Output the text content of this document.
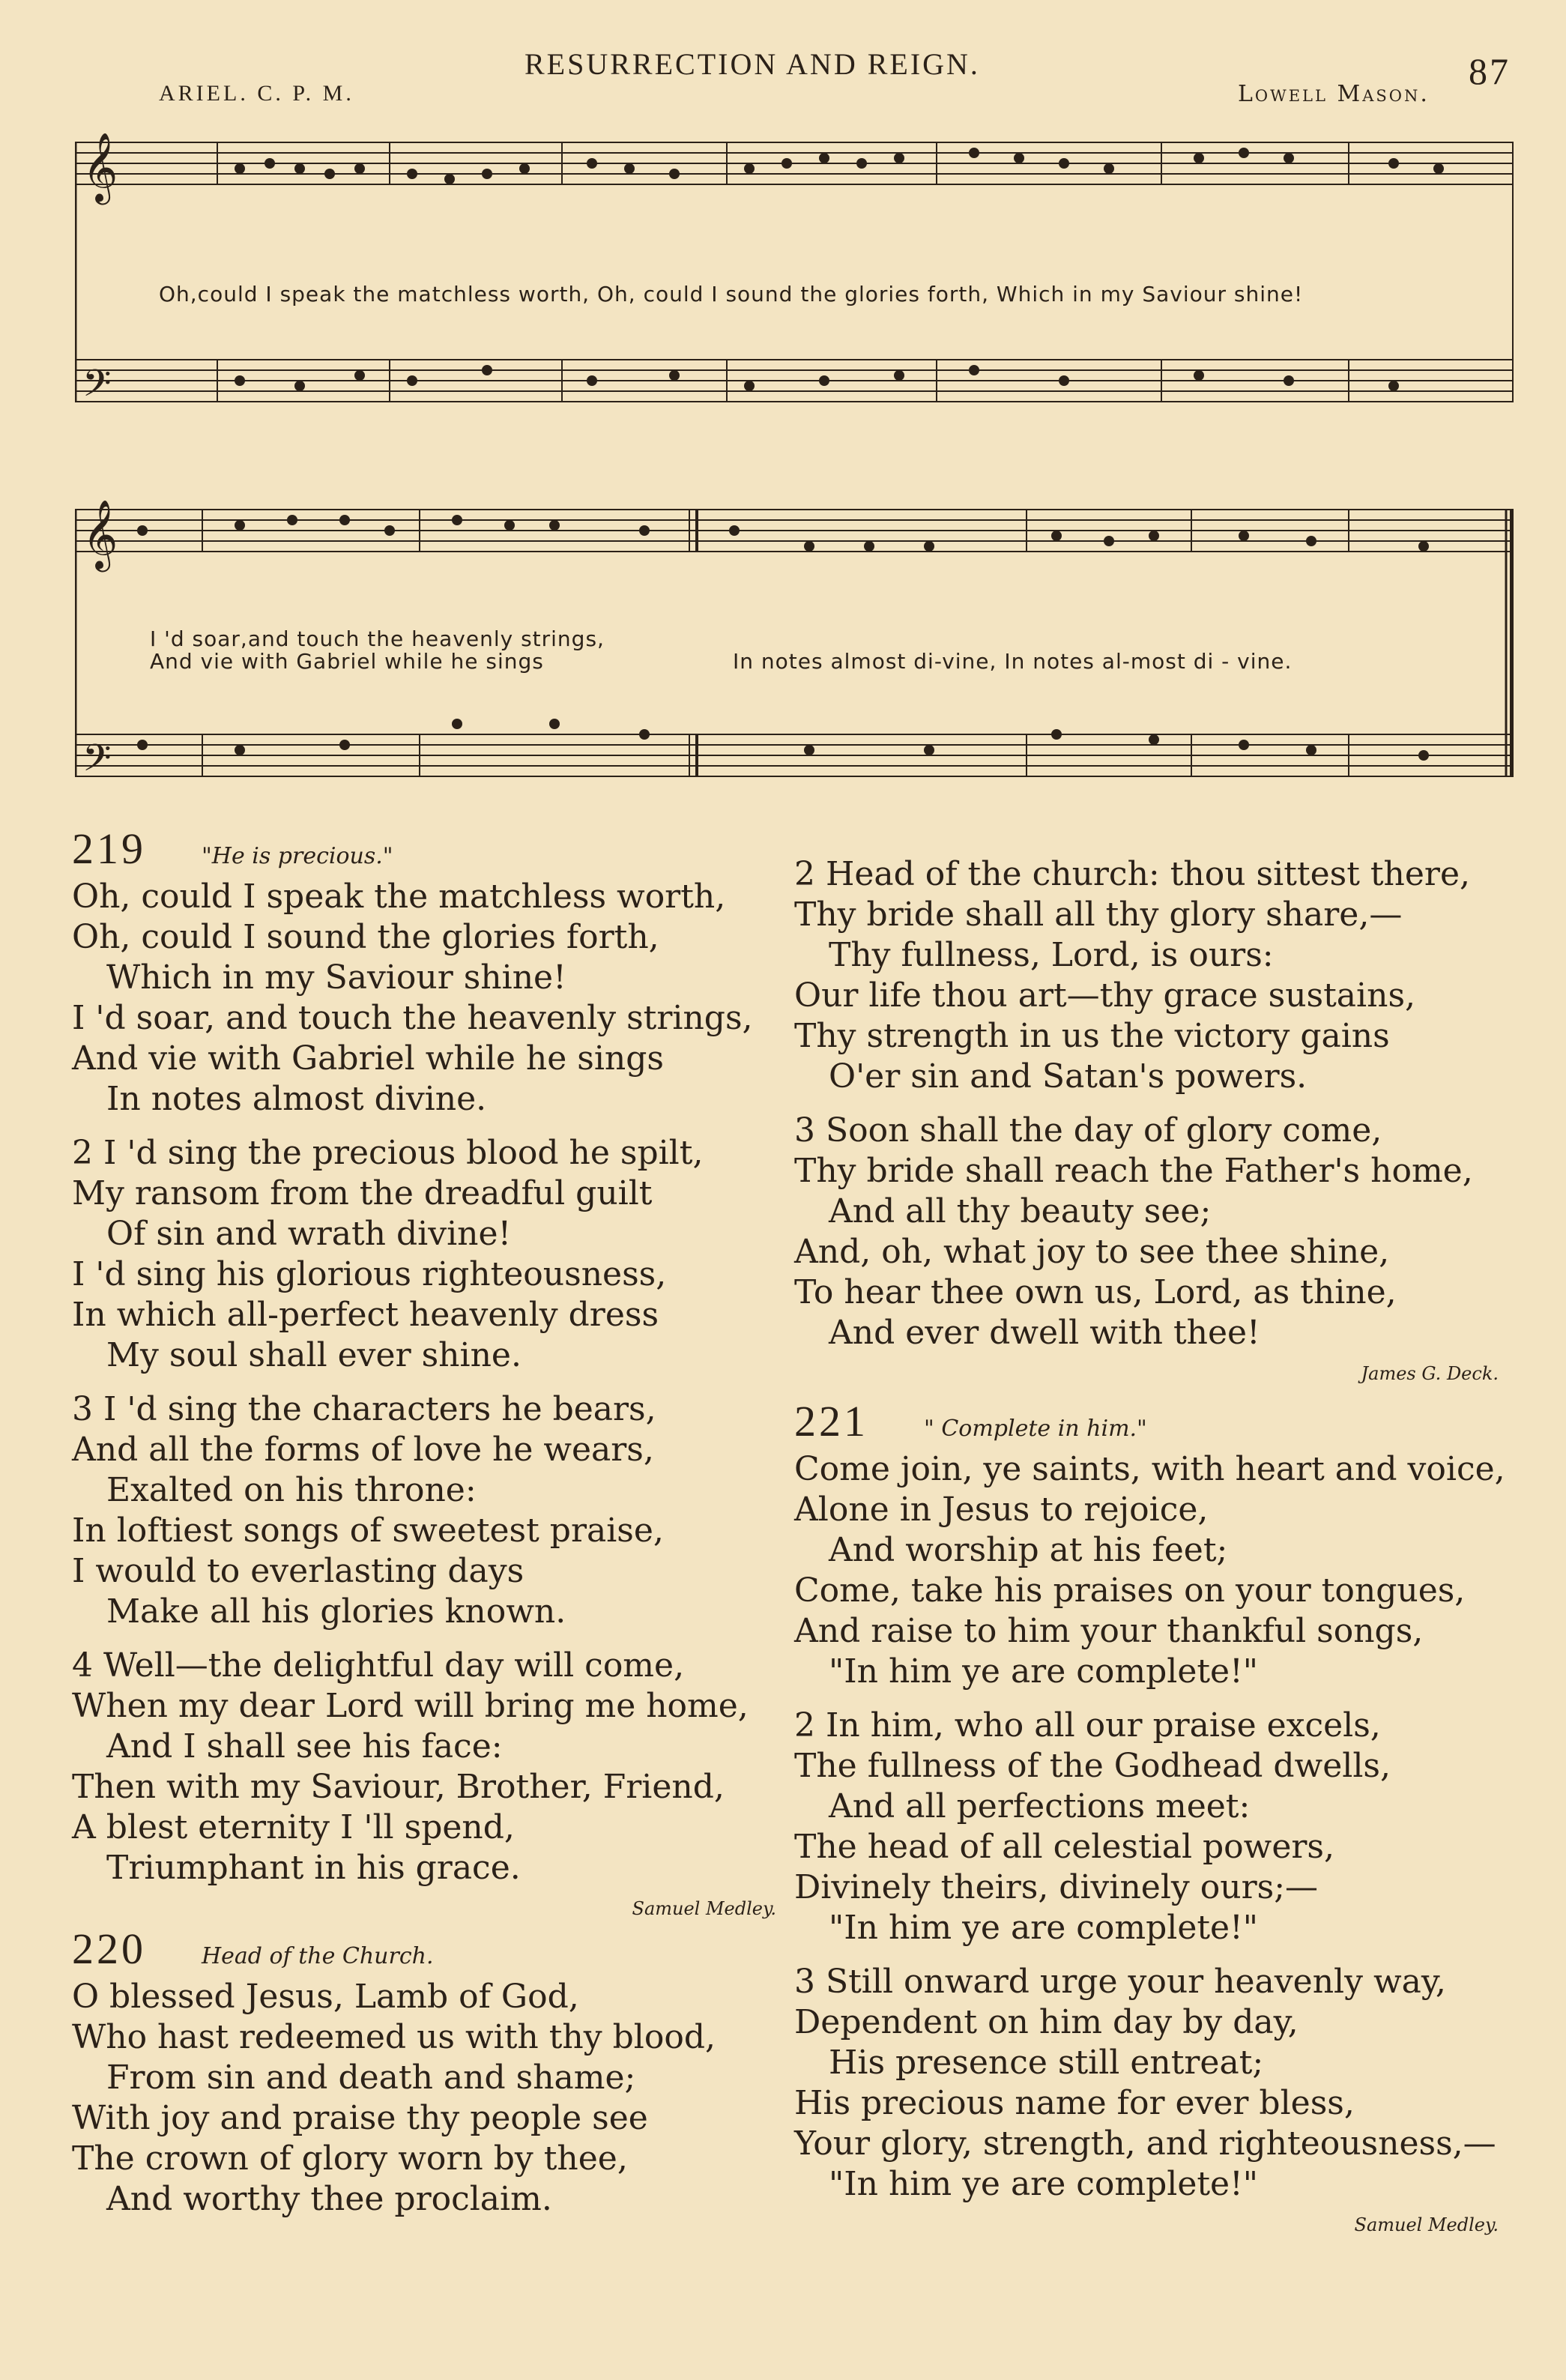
RESURRECTION AND REIGN.	87
ARIEL. C. P. M.	Lowell Mason.
𝄞
𝄢
Oh,could I speak the matchless worth, Oh, could I sound the glories forth, Which in my Saviour shine!
𝄞
𝄢
I 'd soar,and touch the heavenly strings,
And vie with Gabriel while he sings	In notes almost di-vine, In notes al-most di - vine.
219 "He is precious."
Oh, could I speak the matchless worth,
Oh, could I sound the glories forth,
Which in my Saviour shine!
I 'd soar, and touch the heavenly strings,
And vie with Gabriel while he sings
In notes almost divine.
2 I 'd sing the precious blood he spilt,
My ransom from the dreadful guilt
Of sin and wrath divine!
I 'd sing his glorious righteousness,
In which all-perfect heavenly dress
My soul shall ever shine.
3 I 'd sing the characters he bears,
And all the forms of love he wears,
Exalted on his throne:
In loftiest songs of sweetest praise,
I would to everlasting days
Make all his glories known.
4 Well—the delightful day will come,
When my dear Lord will bring me home,
And I shall see his face:
Then with my Saviour, Brother, Friend,
A blest eternity I 'll spend,
Triumphant in his grace.
Samuel Medley.
220 Head of the Church.
O blessed Jesus, Lamb of God,
Who hast redeemed us with thy blood,
From sin and death and shame;
With joy and praise thy people see
The crown of glory worn by thee,
And worthy thee proclaim.
2 Head of the church: thou sittest there,
Thy bride shall all thy glory share,—
Thy fullness, Lord, is ours:
Our life thou art—thy grace sustains,
Thy strength in us the victory gains
O'er sin and Satan's powers.
3 Soon shall the day of glory come,
Thy bride shall reach the Father's home,
And all thy beauty see;
And, oh, what joy to see thee shine,
To hear thee own us, Lord, as thine,
And ever dwell with thee!
James G. Deck.
221 " Complete in him."
Come join, ye saints, with heart and voice,
Alone in Jesus to rejoice,
And worship at his feet;
Come, take his praises on your tongues,
And raise to him your thankful songs,
"In him ye are complete!"
2 In him, who all our praise excels,
The fullness of the Godhead dwells,
And all perfections meet:
The head of all celestial powers,
Divinely theirs, divinely ours;—
"In him ye are complete!"
3 Still onward urge your heavenly way,
Dependent on him day by day,
His presence still entreat;
His precious name for ever bless,
Your glory, strength, and righteousness,—
"In him ye are complete!"
Samuel Medley.
